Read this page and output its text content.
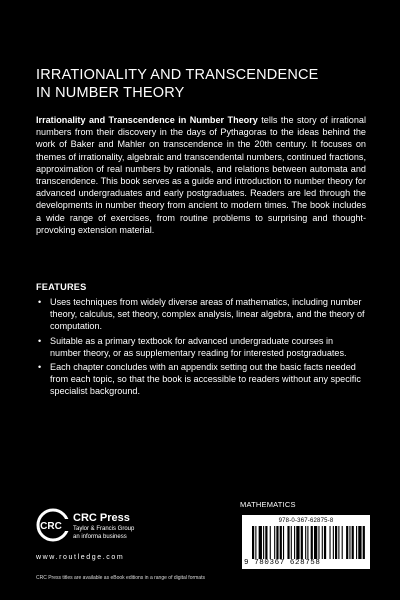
IRRATIONALITY AND TRANSCENDENCE
IN NUMBER THEORY
Irrationality and Transcendence in Number Theory tells the story of irrational numbers from their discovery in the days of Pythagoras to the ideas behind the work of Baker and Mahler on transcendence in the 20th century. It focuses on themes of irrationality, algebraic and transcendental numbers, continued fractions, approximation of real numbers by rationals, and relations between automata and transcendence. This book serves as a guide and introduction to number theory for advanced undergraduates and early postgraduates. Readers are led through the developments in number theory from ancient to modern times. The book includes a wide range of exercises, from routine problems to surprising and thought-provoking extension material.
FEATURES
• Uses techniques from widely diverse areas of mathematics, including number theory, calculus, set theory, complex analysis, linear algebra, and the theory of computation.
• Suitable as a primary textbook for advanced undergraduate courses in number theory, or as supplementary reading for interested postgraduates.
• Each chapter concludes with an appendix setting out the basic facts needed from each topic, so that the book is accessible to readers without any specific specialist background.
MATHEMATICS
978-0-367-62875-8
9 780367 628758
CRC
CRC Press
Taylor & Francis Group
an informa business
www.routledge.com
CRC Press titles are available as eBook editions in a range of digital formats
